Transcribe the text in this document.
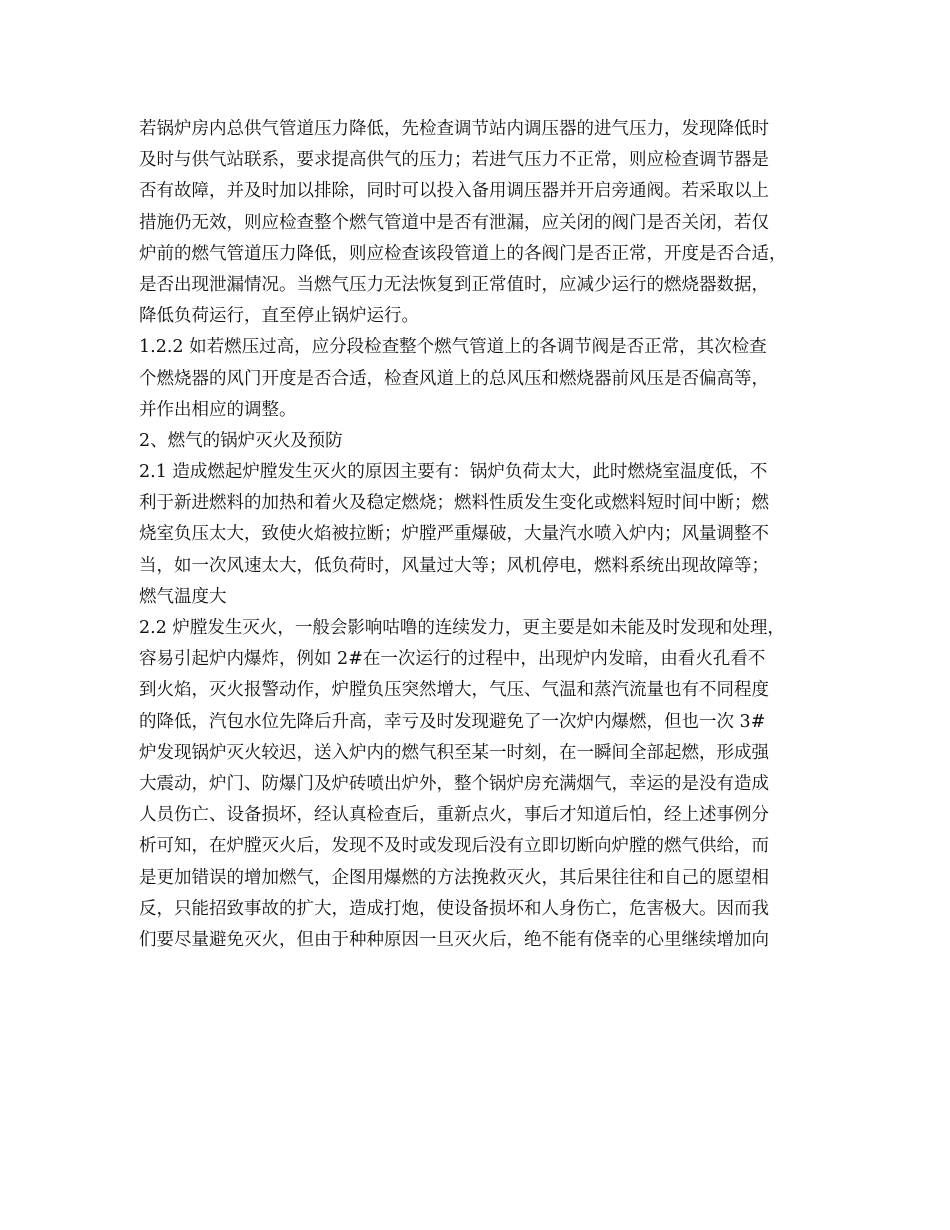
若锅炉房内总供气管道压力降低，先检查调节站内调压器的进气压力，发现降低时
及时与供气站联系，要求提高供气的压力；若进气压力不正常，则应检查调节器是
否有故障，并及时加以排除，同时可以投入备用调压器并开启旁通阀。若采取以上
措施仍无效，则应检查整个燃气管道中是否有泄漏，应关闭的阀门是否关闭，若仅
炉前的燃气管道压力降低，则应检查该段管道上的各阀门是否正常，开度是否合适，
是否出现泄漏情况。当燃气压力无法恢复到正常值时，应减少运行的燃烧器数据，
降低负荷运行，直至停止锅炉运行。
1.2.2 如若燃压过高，应分段检查整个燃气管道上的各调节阀是否正常，其次检查
个燃烧器的风门开度是否合适，检查风道上的总风压和燃烧器前风压是否偏高等，
并作出相应的调整。
2、燃气的锅炉灭火及预防
2.1 造成燃起炉膛发生灭火的原因主要有：锅炉负荷太大，此时燃烧室温度低，不
利于新进燃料的加热和着火及稳定燃烧；燃料性质发生变化或燃料短时间中断；燃
烧室负压太大，致使火焰被拉断；炉膛严重爆破，大量汽水喷入炉内；风量调整不
当，如一次风速太大，低负荷时，风量过大等；风机停电，燃料系统出现故障等；
燃气温度大
2.2 炉膛发生灭火，一般会影响咕噜的连续发力，更主要是如未能及时发现和处理，
容易引起炉内爆炸，例如 2#在一次运行的过程中，出现炉内发暗，由看火孔看不
到火焰，灭火报警动作，炉膛负压突然增大，气压、气温和蒸汽流量也有不同程度
的降低，汽包水位先降后升高，幸亏及时发现避免了一次炉内爆燃，但也一次 3#
炉发现锅炉灭火较迟，送入炉内的燃气积至某一时刻，在一瞬间全部起燃，形成强
大震动，炉门、防爆门及炉砖喷出炉外，整个锅炉房充满烟气，幸运的是没有造成
人员伤亡、设备损坏，经认真检查后，重新点火，事后才知道后怕，经上述事例分
析可知，在炉膛灭火后，发现不及时或发现后没有立即切断向炉膛的燃气供给，而
是更加错误的增加燃气，企图用爆燃的方法挽救灭火，其后果往往和自己的愿望相
反，只能招致事故的扩大，造成打炮，使设备损坏和人身伤亡，危害极大。因而我
们要尽量避免灭火，但由于种种原因一旦灭火后，绝不能有侥幸的心里继续增加向
